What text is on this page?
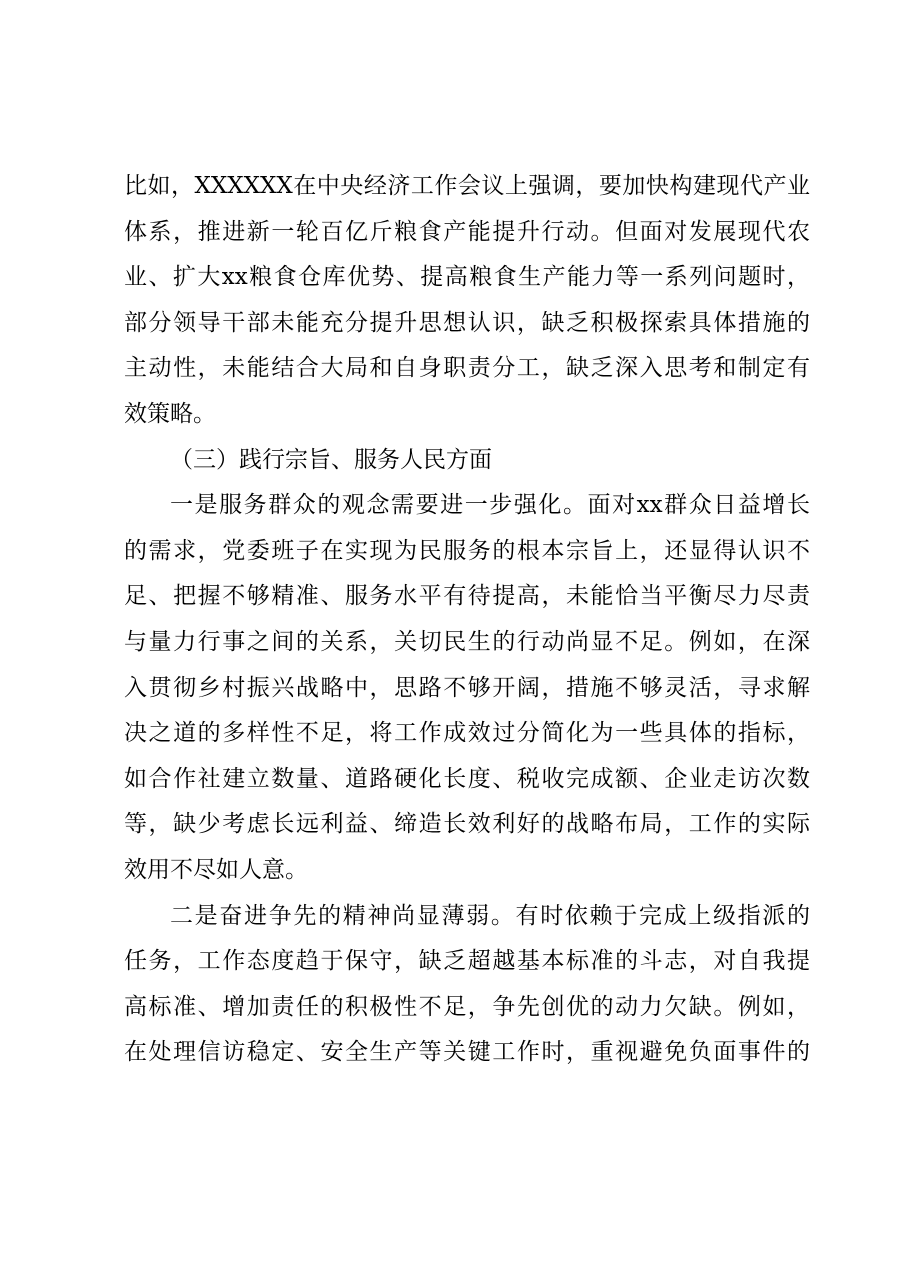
比如，XXXXXX在中央经济工作会议上强调，要加快构建现代产业
体系，推进新一轮百亿斤粮食产能提升行动。但面对发展现代农
业、扩大xx粮食仓库优势、提高粮食生产能力等一系列问题时，
部分领导干部未能充分提升思想认识，缺乏积极探索具体措施的
主动性，未能结合大局和自身职责分工，缺乏深入思考和制定有
效策略。
（三）践行宗旨、服务人民方面
一是服务群众的观念需要进一步强化。面对xx群众日益增长
的需求，党委班子在实现为民服务的根本宗旨上，还显得认识不
足、把握不够精准、服务水平有待提高，未能恰当平衡尽力尽责
与量力行事之间的关系，关切民生的行动尚显不足。例如，在深
入贯彻乡村振兴战略中，思路不够开阔，措施不够灵活，寻求解
决之道的多样性不足，将工作成效过分简化为一些具体的指标，
如合作社建立数量、道路硬化长度、税收完成额、企业走访次数
等，缺少考虑长远利益、缔造长效利好的战略布局，工作的实际
效用不尽如人意。
二是奋进争先的精神尚显薄弱。有时依赖于完成上级指派的
任务，工作态度趋于保守，缺乏超越基本标准的斗志，对自我提
高标准、增加责任的积极性不足，争先创优的动力欠缺。例如，
在处理信访稳定、安全生产等关键工作时，重视避免负面事件的
